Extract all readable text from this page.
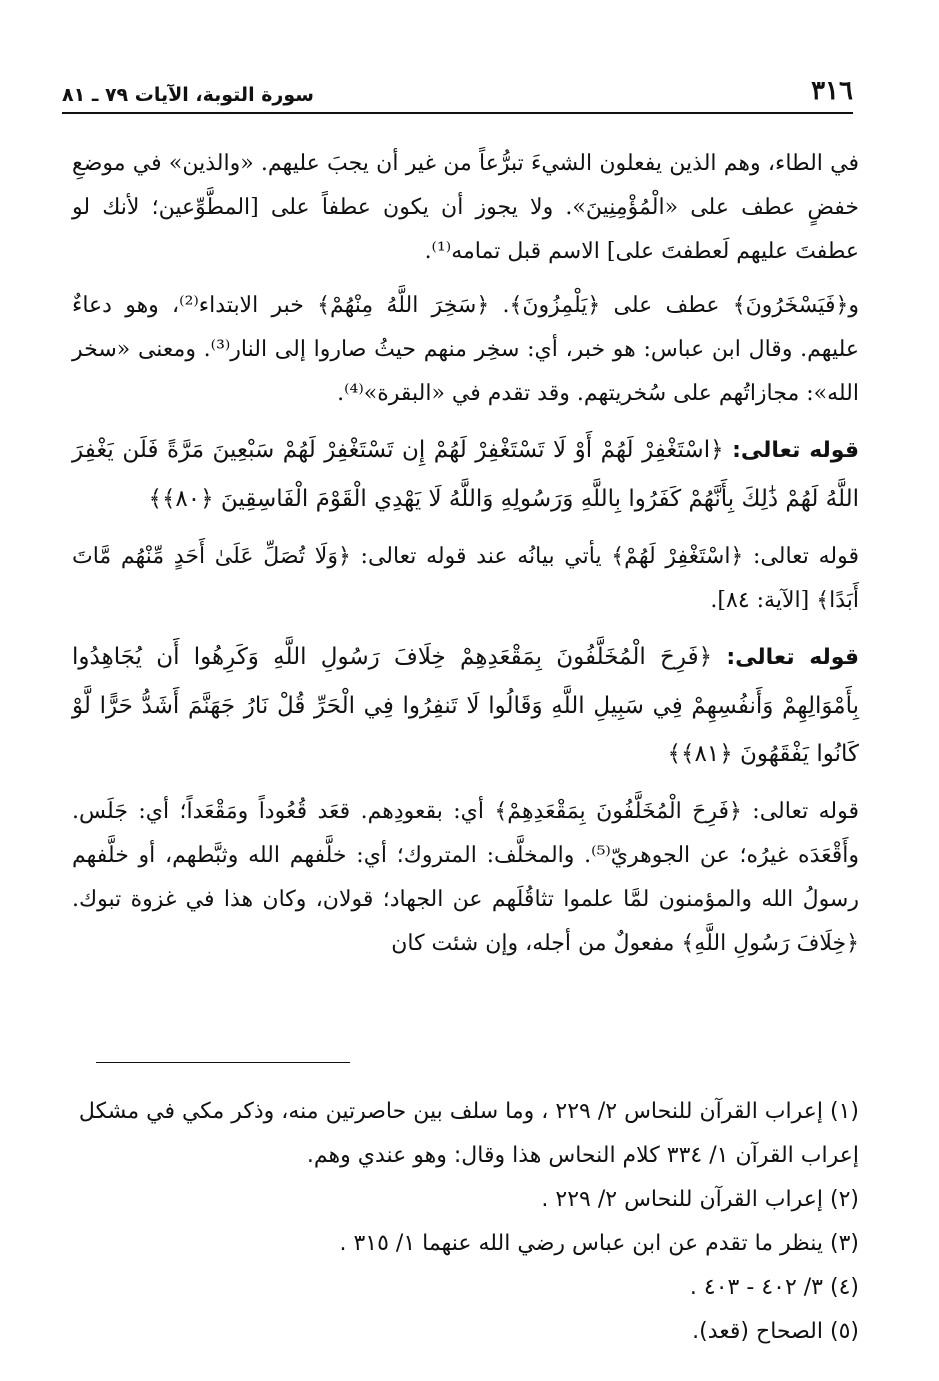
٣١٦
سورة التوبة، الآيات ٧٩ ـ ٨١

في الطاء، وهم الذين يفعلون الشيءَ تبرُّعاً من غير أن يجبَ عليهم. «والذين» في موضعِ خفضٍ عطف على «الْمُؤْمِنِينَ». ولا يجوز أن يكون عطفاً على [المطَّوِّعين؛ لأنك لو عطفتَ عليهم لَعطفتَ على] الاسم قبل تمامه⁽¹⁾.

و﴿فَيَسْخَرُونَ﴾ عطف على ﴿يَلْمِزُونَ﴾. ﴿سَخِرَ اللَّهُ مِنْهُمْ﴾ خبر الابتداء⁽²⁾، وهو دعاءٌ عليهم. وقال ابن عباس: هو خبر، أي: سخِر منهم حيثُ صاروا إلى النار⁽³⁾. ومعنى «سخر الله»: مجازاتُهم على سُخريتهم. وقد تقدم في «البقرة»⁽⁴⁾.

قوله تعالى: ﴿اسْتَغْفِرْ لَهُمْ أَوْ لَا تَسْتَغْفِرْ لَهُمْ إِن تَسْتَغْفِرْ لَهُمْ سَبْعِينَ مَرَّةً فَلَن يَغْفِرَ اللَّهُ لَهُمْ ذَٰلِكَ بِأَنَّهُمْ كَفَرُوا بِاللَّهِ وَرَسُولِهِ وَاللَّهُ لَا يَهْدِي الْقَوْمَ الْفَاسِقِينَ ﴿٨٠﴾﴾

قوله تعالى: ﴿اسْتَغْفِرْ لَهُمْ﴾ يأتي بيانُه عند قوله تعالى: ﴿وَلَا تُصَلِّ عَلَىٰ أَحَدٍ مِّنْهُم مَّاتَ أَبَدًا﴾ [الآية: ٨٤].

قوله تعالى: ﴿فَرِحَ الْمُخَلَّفُونَ بِمَقْعَدِهِمْ خِلَافَ رَسُولِ اللَّهِ وَكَرِهُوا أَن يُجَاهِدُوا بِأَمْوَالِهِمْ وَأَنفُسِهِمْ فِي سَبِيلِ اللَّهِ وَقَالُوا لَا تَنفِرُوا فِي الْحَرِّ قُلْ نَارُ جَهَنَّمَ أَشَدُّ حَرًّا لَّوْ كَانُوا يَفْقَهُونَ ﴿٨١﴾﴾

قوله تعالى: ﴿فَرِحَ الْمُخَلَّفُونَ بِمَقْعَدِهِمْ﴾ أي: بقعودِهم. قعَد قُعُوداً ومَقْعَداً؛ أي: جَلَس. وأَقْعَدَه غيرُه؛ عن الجوهريّ⁽⁵⁾. والمخلَّف: المتروك؛ أي: خلَّفهم الله وثبَّطهم، أو خلَّفهم رسولُ الله والمؤمنون لمَّا علموا تثاقُلَهم عن الجهاد؛ قولان، وكان هذا في غزوة تبوك. ﴿خِلَافَ رَسُولِ اللَّهِ﴾ مفعولٌ من أجله، وإن شئت كان

(١) إعراب القرآن للنحاس ٢/ ٢٢٩ ، وما سلف بين حاصرتين منه، وذكر مكي في مشكل إعراب القرآن ١/ ٣٣٤ كلام النحاس هذا وقال: وهو عندي وهم.

(٢) إعراب القرآن للنحاس ٢/ ٢٢٩ .

(٣) ينظر ما تقدم عن ابن عباس رضي الله عنهما ١/ ٣١٥ .

(٤) ٣/ ٤٠٢ - ٤٠٣ .

(٥) الصحاح (قعد).
